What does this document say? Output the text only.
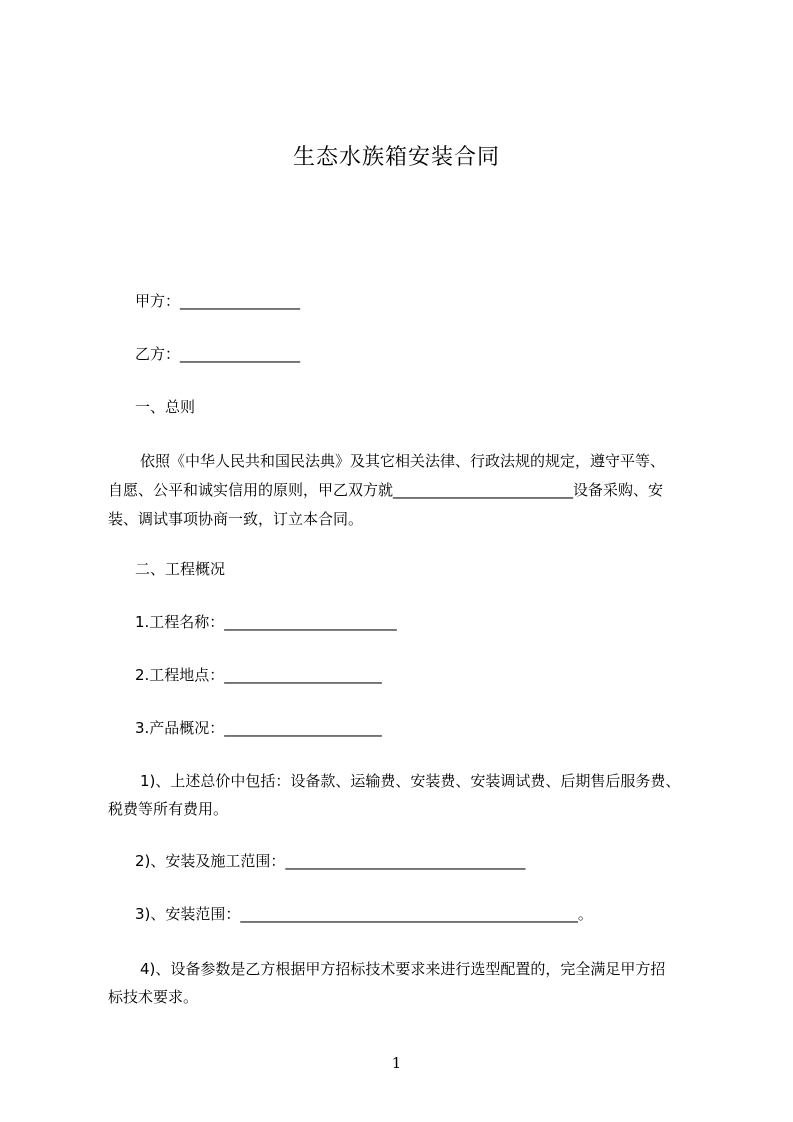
生态水族箱安装合同
甲方：________________
乙方：________________
一、总则
依照《中华人民共和国民法典》及其它相关法律、行政法规的规定，遵守平等、
自愿、公平和诚实信用的原则，甲乙双方就________________________设备采购、安
装、调试事项协商一致，订立本合同。
二、工程概况
1.工程名称：_______________________
2.工程地点：_____________________
3.产品概况：_____________________
1)、上述总价中包括：设备款、运输费、安装费、安装调试费、后期售后服务费、
税费等所有费用。
2)、安装及施工范围：________________________________
3)、安装范围：_____________________________________________。
4)、设备参数是乙方根据甲方招标技术要求来进行选型配置的，完全满足甲方招
标技术要求。
1
